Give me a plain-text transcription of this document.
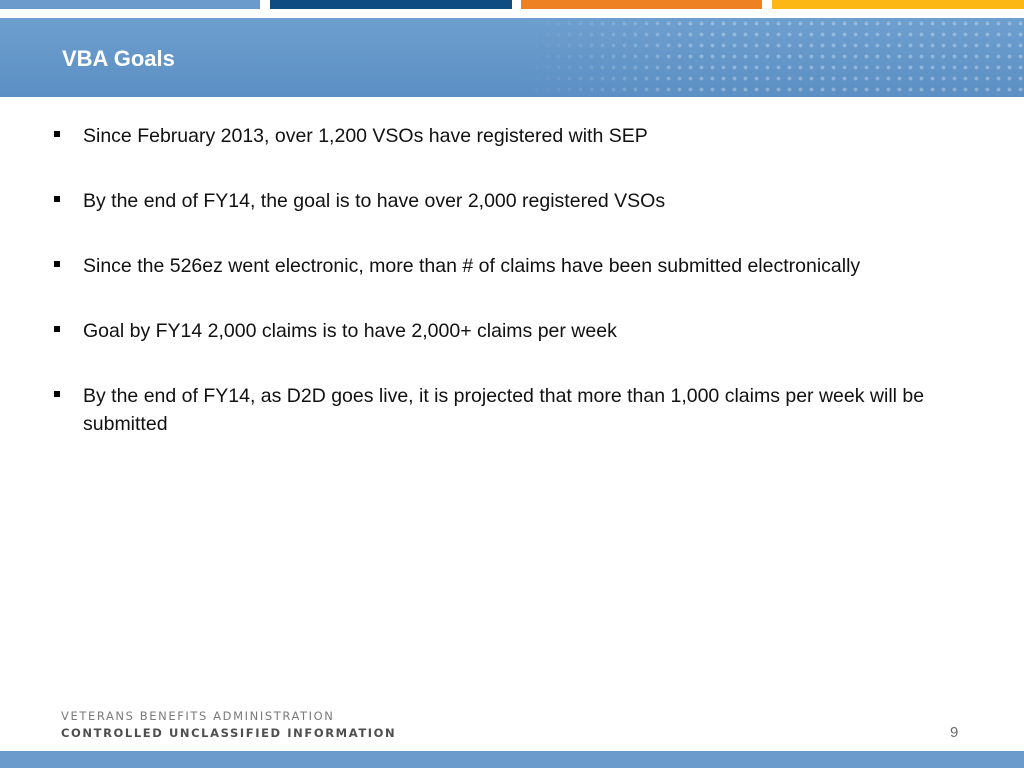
VBA Goals
Since February 2013, over 1,200 VSOs have registered with SEP
By the end of FY14, the goal is to have over 2,000 registered VSOs
Since the 526ez went electronic, more than # of claims have been submitted electronically
Goal by FY14 2,000 claims is to have 2,000+ claims per week
By the end of FY14, as D2D goes live, it is projected that more than 1,000 claims per week will be submitted

VETERANS BENEFITS ADMINISTRATION

CONTROLLED UNCLASSIFIED INFORMATION	9
